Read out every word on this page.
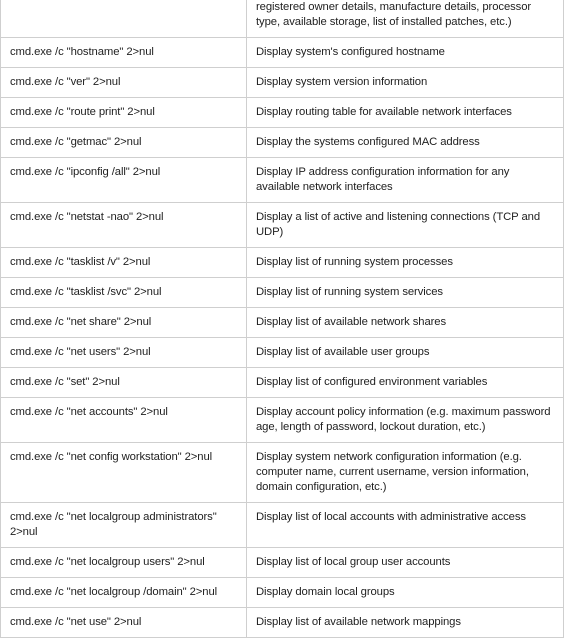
	registered owner details, manufacture details, processor type, available storage, list of installed patches, etc.)
cmd.exe /c "hostname" 2>nul	Display system's configured hostname
cmd.exe /c "ver" 2>nul	Display system version information
cmd.exe /c "route print" 2>nul	Display routing table for available network interfaces
cmd.exe /c "getmac" 2>nul	Display the systems configured MAC address
cmd.exe /c "ipconfig /all" 2>nul	Display IP address configuration information for any available network interfaces
cmd.exe /c "netstat -nao" 2>nul	Display a list of active and listening connections (TCP and UDP)
cmd.exe /c "tasklist /v" 2>nul	Display list of running system processes
cmd.exe /c "tasklist /svc" 2>nul	Display list of running system services
cmd.exe /c "net share" 2>nul	Display list of available network shares
cmd.exe /c "net users" 2>nul	Display list of available user groups
cmd.exe /c "set" 2>nul	Display list of configured environment variables
cmd.exe /c "net accounts" 2>nul	Display account policy information (e.g. maximum password age, length of password, lockout duration, etc.)
cmd.exe /c "net config workstation" 2>nul	Display system network configuration information (e.g. computer name, current username, version information, domain configuration, etc.)
cmd.exe /c "net localgroup administrators" 2>nul	Display list of local accounts with administrative access
cmd.exe /c "net localgroup users" 2>nul	Display list of local group user accounts
cmd.exe /c "net localgroup /domain" 2>nul	Display domain local groups
cmd.exe /c "net use" 2>nul	Display list of available network mappings
